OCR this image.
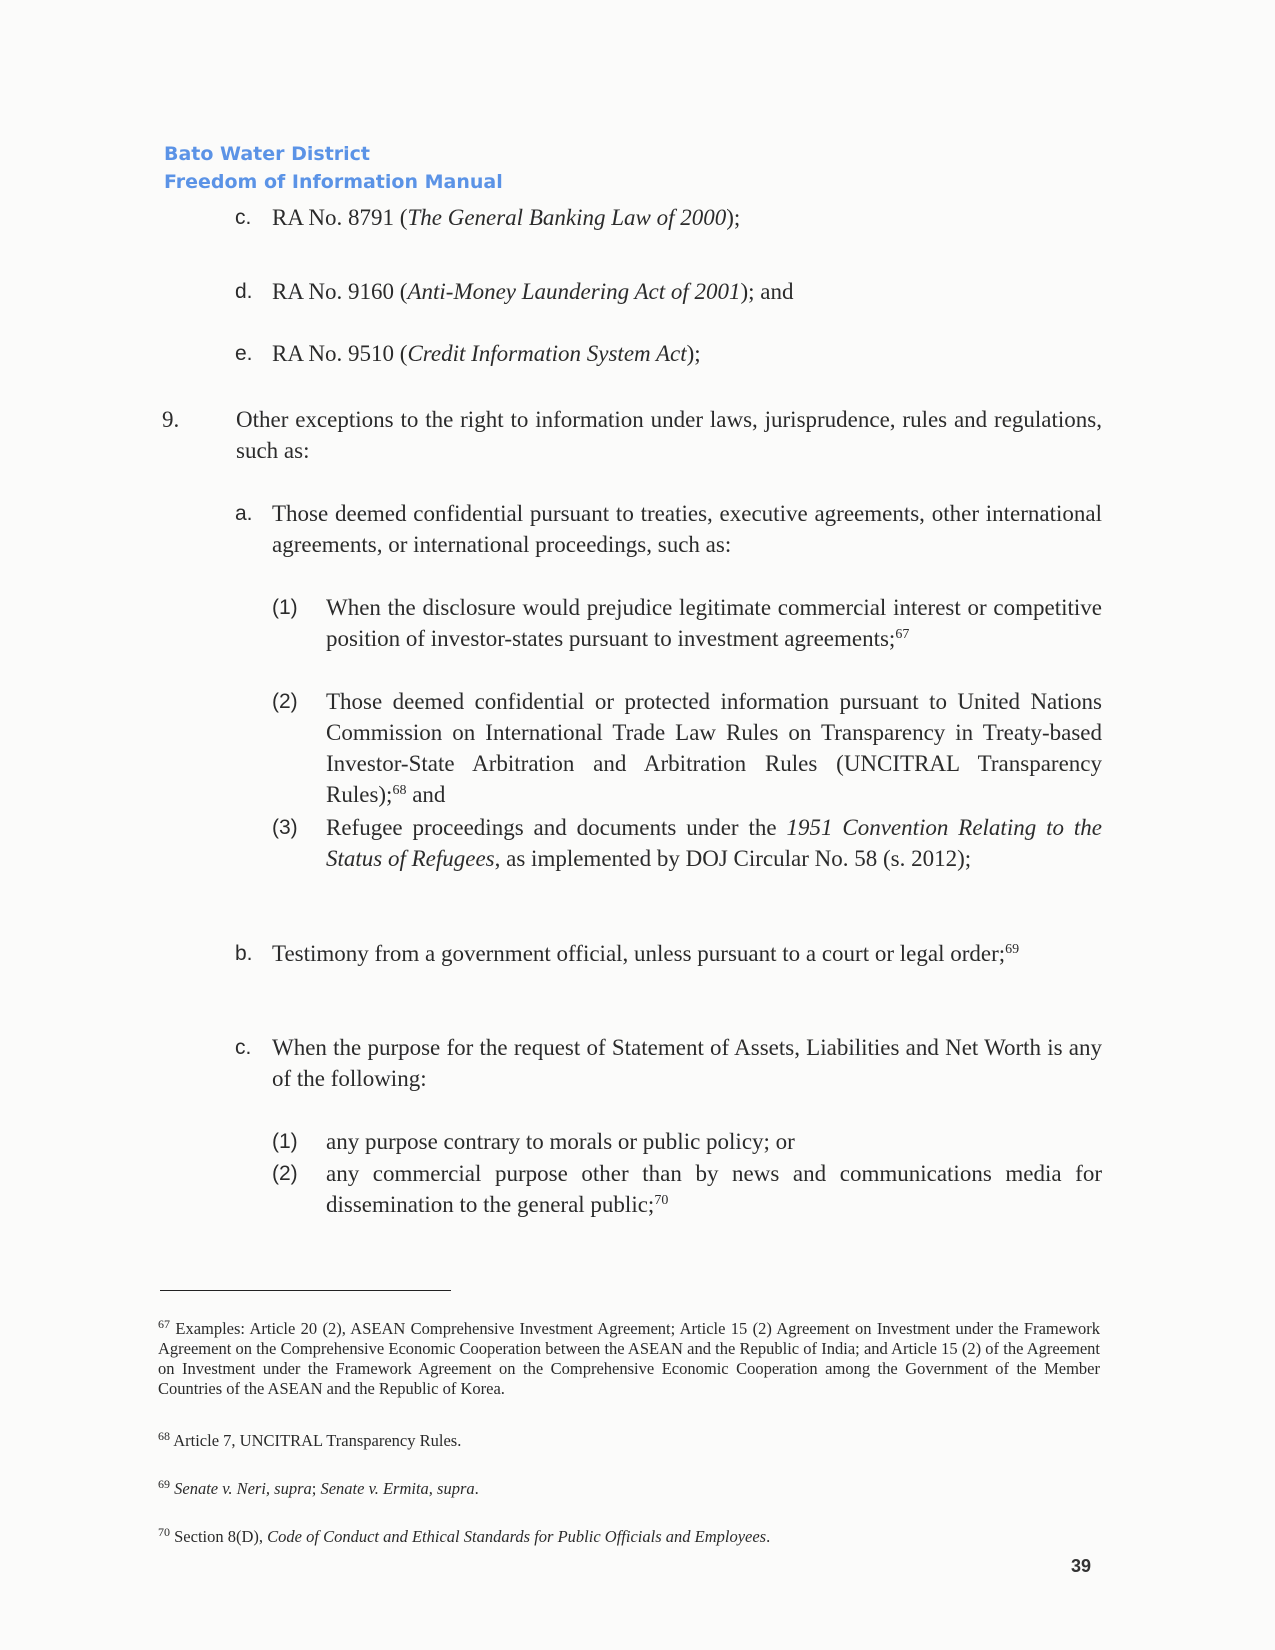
Bato Water District
Freedom of Information Manual
c. RA No. 8791 (The General Banking Law of 2000);
d. RA No. 9160 (Anti-Money Laundering Act of 2001); and
e. RA No. 9510 (Credit Information System Act);
9. Other exceptions to the right to information under laws, jurisprudence, rules and regulations, such as:
a. Those deemed confidential pursuant to treaties, executive agreements, other international agreements, or international proceedings, such as:
(1) When the disclosure would prejudice legitimate commercial interest or competitive position of investor-states pursuant to investment agreements;$^{67}$
(2) Those deemed confidential or protected information pursuant to United Nations Commission on International Trade Law Rules on Transparency in Treaty-based Investor-State Arbitration and Arbitration Rules (UNCITRAL Transparency Rules);$^{68}$ and
(3) Refugee proceedings and documents under the 1951 Convention Relating to the Status of Refugees, as implemented by DOJ Circular No. 58 (s. 2012);
b. Testimony from a government official, unless pursuant to a court or legal order;$^{69}$
c. When the purpose for the request of Statement of Assets, Liabilities and Net Worth is any of the following:
(1) any purpose contrary to morals or public policy; or
(2) any commercial purpose other than by news and communications media for dissemination to the general public;$^{70}$
$^{67}$ Examples: Article 20 (2), ASEAN Comprehensive Investment Agreement; Article 15 (2) Agreement on Investment under the Framework Agreement on the Comprehensive Economic Cooperation between the ASEAN and the Republic of India; and Article 15 (2) of the Agreement on Investment under the Framework Agreement on the Comprehensive Economic Cooperation among the Government of the Member Countries of the ASEAN and the Republic of Korea.
$^{68}$ Article 7, UNCITRAL Transparency Rules.
$^{69}$ Senate v. Neri, supra; Senate v. Ermita, supra.
$^{70}$ Section 8(D), Code of Conduct and Ethical Standards for Public Officials and Employees.
39
